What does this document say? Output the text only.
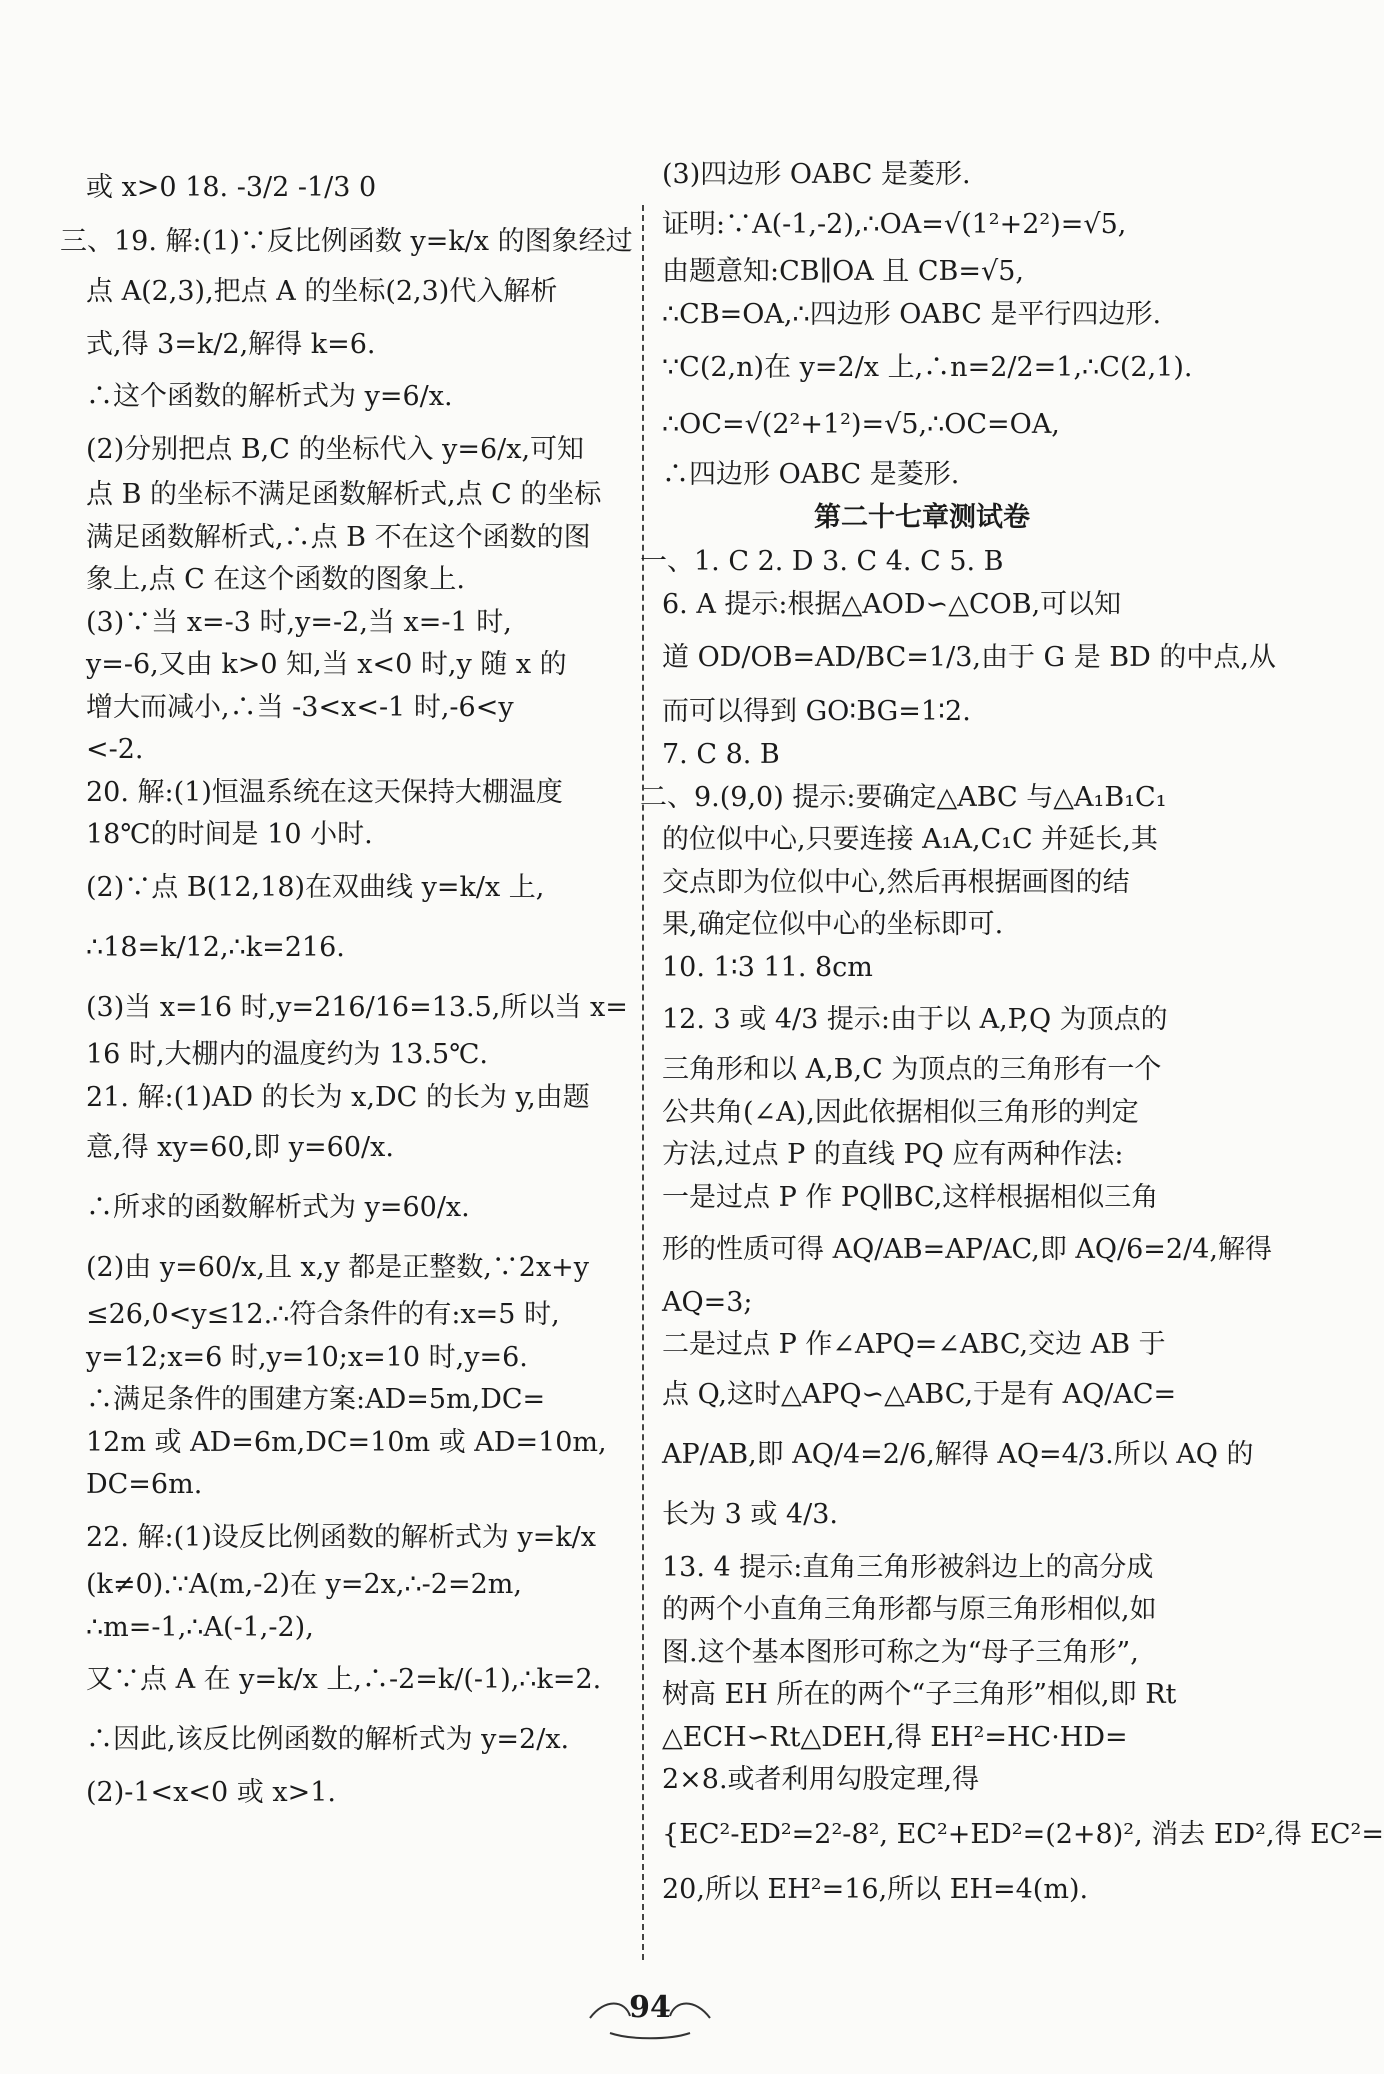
或 x>0 18. -3/2 -1/3 0
三、19. 解:(1)∵反比例函数 y=k/x 的图象经过
点 A(2,3),把点 A 的坐标(2,3)代入解析
式,得 3=k/2,解得 k=6.
∴这个函数的解析式为 y=6/x.
(2)分别把点 B,C 的坐标代入 y=6/x,可知
点 B 的坐标不满足函数解析式,点 C 的坐标
满足函数解析式,∴点 B 不在这个函数的图
象上,点 C 在这个函数的图象上.
(3)∵当 x=-3 时,y=-2,当 x=-1 时,
y=-6,又由 k>0 知,当 x<0 时,y 随 x 的
增大而减小,∴当 -3<x<-1 时,-6<y
<-2.
20. 解:(1)恒温系统在这天保持大棚温度
18℃的时间是 10 小时.
(2)∵点 B(12,18)在双曲线 y=k/x 上,
∴18=k/12,∴k=216.
(3)当 x=16 时,y=216/16=13.5,所以当 x=
16 时,大棚内的温度约为 13.5℃.
21. 解:(1)AD 的长为 x,DC 的长为 y,由题
意,得 xy=60,即 y=60/x.
∴所求的函数解析式为 y=60/x.
(2)由 y=60/x,且 x,y 都是正整数,∵2x+y
≤26,0<y≤12.∴符合条件的有:x=5 时,
y=12;x=6 时,y=10;x=10 时,y=6.
∴满足条件的围建方案:AD=5m,DC=
12m 或 AD=6m,DC=10m 或 AD=10m,
DC=6m.
22. 解:(1)设反比例函数的解析式为 y=k/x
(k≠0).∵A(m,-2)在 y=2x,∴-2=2m,
∴m=-1,∴A(-1,-2),
又∵点 A 在 y=k/x 上,∴-2=k/(-1),∴k=2.
∴因此,该反比例函数的解析式为 y=2/x.
(2)-1<x<0 或 x>1.
(3)四边形 OABC 是菱形.
证明:∵A(-1,-2),∴OA=√(1²+2²)=√5,
由题意知:CB∥OA 且 CB=√5,
∴CB=OA,∴四边形 OABC 是平行四边形.
∵C(2,n)在 y=2/x 上,∴n=2/2=1,∴C(2,1).
∴OC=√(2²+1²)=√5,∴OC=OA,
∴四边形 OABC 是菱形.
第二十七章测试卷
一、1. C 2. D 3. C 4. C 5. B
6. A 提示:根据△AOD∽△COB,可以知
道 OD/OB=AD/BC=1/3,由于 G 是 BD 的中点,从
而可以得到 GO∶BG=1∶2.
7. C 8. B
二、9.(9,0) 提示:要确定△ABC 与△A₁B₁C₁
的位似中心,只要连接 A₁A,C₁C 并延长,其
交点即为位似中心,然后再根据画图的结
果,确定位似中心的坐标即可.
10. 1∶3 11. 8cm
12. 3 或 4/3 提示:由于以 A,P,Q 为顶点的
三角形和以 A,B,C 为顶点的三角形有一个
公共角(∠A),因此依据相似三角形的判定
方法,过点 P 的直线 PQ 应有两种作法:
一是过点 P 作 PQ∥BC,这样根据相似三角
形的性质可得 AQ/AB=AP/AC,即 AQ/6=2/4,解得
AQ=3;
二是过点 P 作∠APQ=∠ABC,交边 AB 于
点 Q,这时△APQ∽△ABC,于是有 AQ/AC=
AP/AB,即 AQ/4=2/6,解得 AQ=4/3.所以 AQ 的
长为 3 或 4/3.
13. 4 提示:直角三角形被斜边上的高分成
的两个小直角三角形都与原三角形相似,如
图.这个基本图形可称之为“母子三角形”,
树高 EH 所在的两个“子三角形”相似,即 Rt
△ECH∽Rt△DEH,得 EH²=HC·HD=
2×8.或者利用勾股定理,得
{EC²-ED²=2²-8², EC²+ED²=(2+8)², 消去 ED²,得 EC²=
20,所以 EH²=16,所以 EH=4(m).
94
